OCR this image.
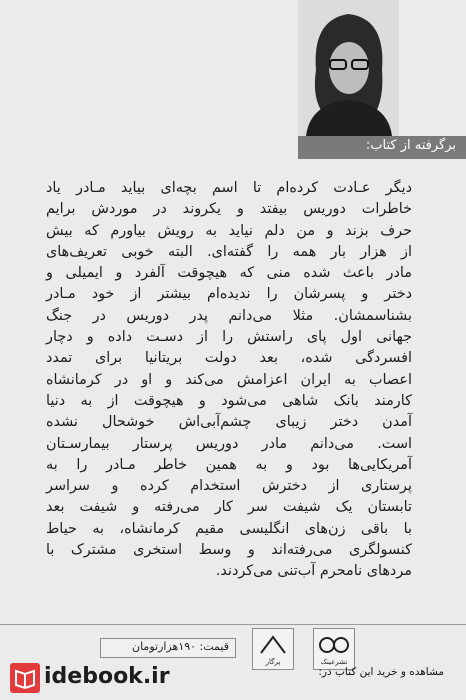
برگرفته از کتاب:
دیگر عـادت کرده‌ام تا اسم بچه‌ای بیاید مـادر یاد
خاطرات دوریس بیفتد و یکروند در موردش برایم
حرف بزند و من دلم نیاید به رویش بیاورم که بیش
از هزار بار همه را گفته‌ای. البته خوبی تعریف‌های
مادر باعث شده منی که هیچوقت آلفرد و ایمیلی و
دختر و پسرشان را ندیده‌ام بیشتر از خود مـادر
بشناسمشان. مثلا می‌دانم پدر دوریس در جنگ
جهانی اول پای راستش را از دسـت داده و دچار
افسردگی شده، بعد دولت بریتانیا برای تمدد
اعصاب به ایران اعزامش می‌کند و او در کرمانشاه
کارمند بانک شاهی می‌شود و هیچوقت از به دنیا
آمدن دختر زیبای چشم‌آبی‌اش خوشحال نشده
است. می‌دانم مادر دوریس پرستار بیمارسـتان
آمریکایی‌ها بود و به همین خاطر مـادر را به
پرستاری از دخترش استخدام کرده و سراسر
تابستان یک شیفت سر کار می‌رفته و شیفت بعد
با باقی زن‌های انگلیسی مقیم کرمانشاه، به حیاط
کنسولگری می‌رفته‌اند و وسط استخری مشترک با
مردهای نامحرم آب‌تنی می‌کردند.
نشرعینک
پرگار
قیمت: ۱۹۰هزارتومان
مشاهده و خرید این کتاب در:
idebook.ir
